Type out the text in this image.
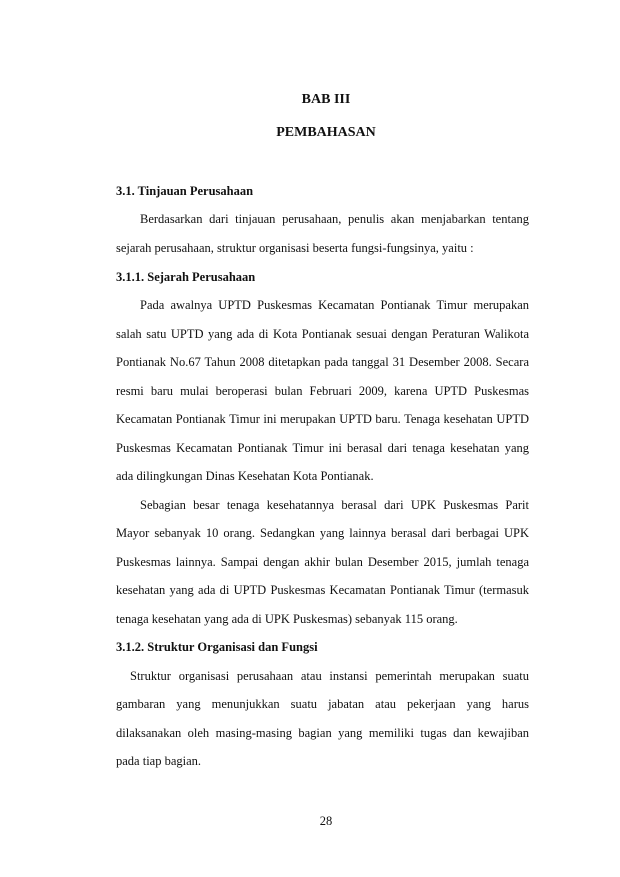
BAB III
PEMBAHASAN
3.1. Tinjauan Perusahaan
Berdasarkan dari tinjauan perusahaan, penulis akan menjabarkan tentang
sejarah perusahaan, struktur organisasi beserta fungsi-fungsinya, yaitu :
3.1.1. Sejarah Perusahaan
Pada awalnya UPTD Puskesmas Kecamatan Pontianak Timur merupakan
salah satu UPTD yang ada di Kota Pontianak sesuai dengan Peraturan Walikota
Pontianak No.67 Tahun 2008 ditetapkan pada tanggal 31 Desember 2008. Secara
resmi baru mulai beroperasi bulan Februari 2009, karena UPTD Puskesmas
Kecamatan Pontianak Timur ini merupakan UPTD baru. Tenaga kesehatan UPTD
Puskesmas Kecamatan Pontianak Timur ini berasal dari tenaga kesehatan yang
ada dilingkungan Dinas Kesehatan Kota Pontianak.
Sebagian besar tenaga kesehatannya berasal dari UPK Puskesmas Parit
Mayor sebanyak 10 orang. Sedangkan yang lainnya berasal dari berbagai UPK
Puskesmas lainnya. Sampai dengan akhir bulan Desember 2015, jumlah tenaga
kesehatan yang ada di UPTD Puskesmas Kecamatan Pontianak Timur (termasuk
tenaga kesehatan yang ada di UPK Puskesmas) sebanyak 115 orang.
3.1.2. Struktur Organisasi dan Fungsi
Struktur organisasi perusahaan atau instansi pemerintah merupakan suatu
gambaran yang menunjukkan suatu jabatan atau pekerjaan yang harus
dilaksanakan oleh masing-masing bagian yang memiliki tugas dan kewajiban
pada tiap bagian.
28
